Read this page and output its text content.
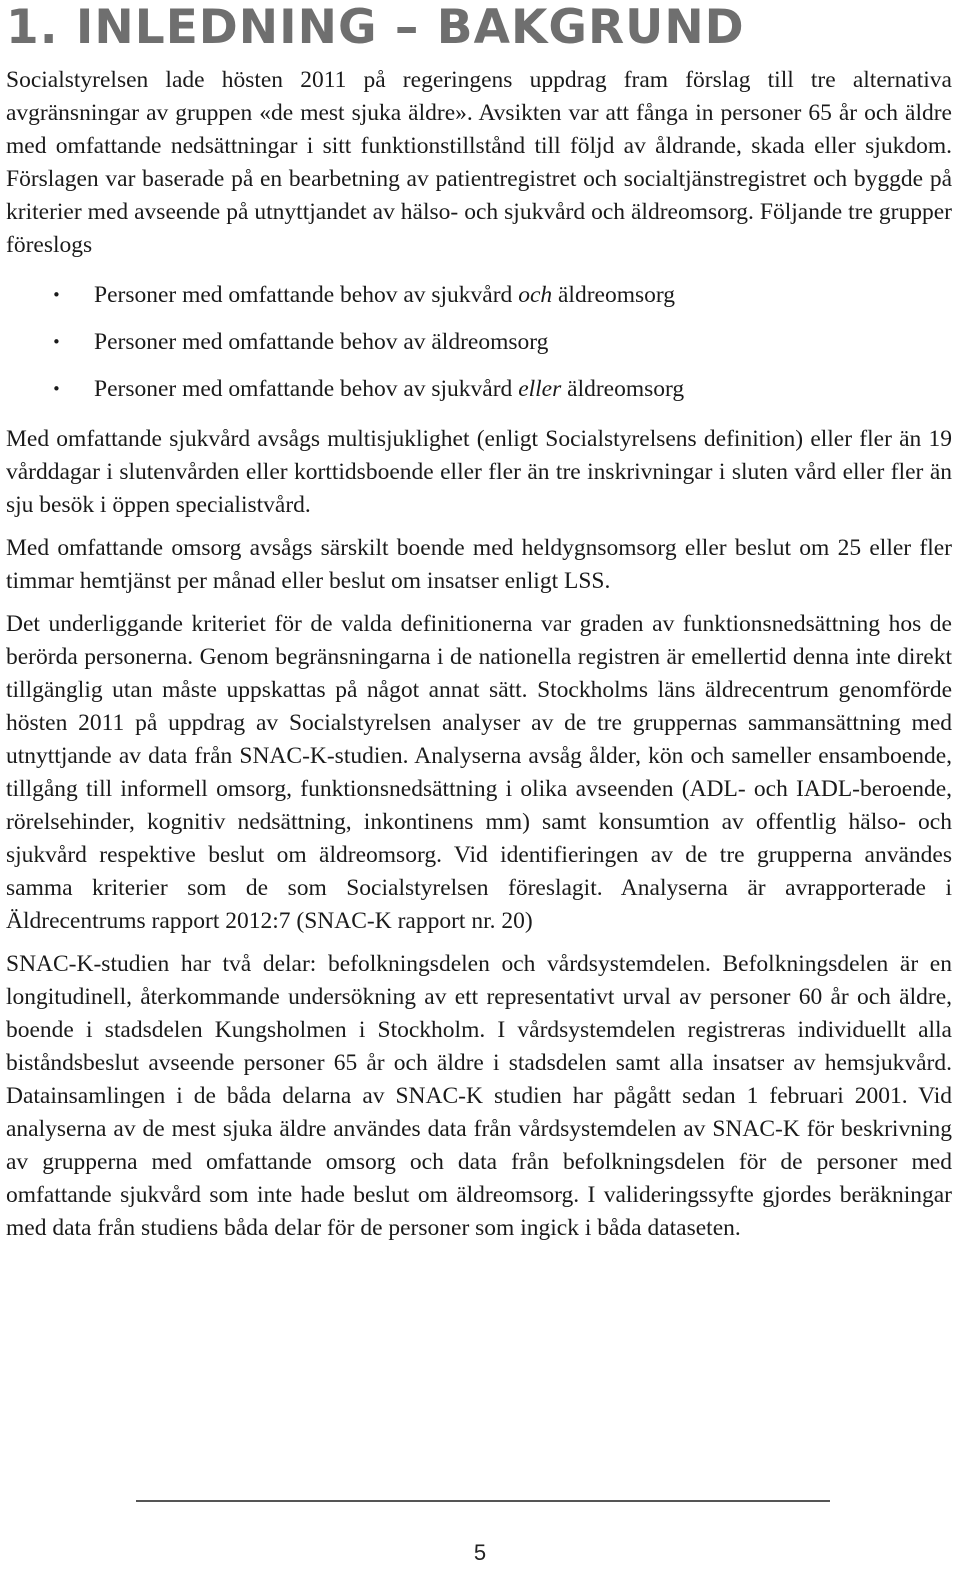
1. INLEDNING – BAKGRUND

Socialstyrelsen lade hösten 2011 på regeringens uppdrag fram förslag till tre alternativa avgränsningar av gruppen «de mest sjuka äldre». Avsikten var att fånga in personer 65 år och äldre med omfattande nedsättningar i sitt funktionstillstånd till följd av åldrande, skada eller sjukdom. Förslagen var baserade på en bearbetning av patientregistret och socialtjänstregistret och byggde på kriterier med avseende på utnyttjandet av hälso- och sjukvård och äldreomsorg. Följande tre grupper föreslogs

• Personer med omfattande behov av sjukvård och äldreomsorg
• Personer med omfattande behov av äldreomsorg
• Personer med omfattande behov av sjukvård eller äldreomsorg

Med omfattande sjukvård avsågs multisjuklighet (enligt Socialstyrelsens definition) eller fler än 19 vårddagar i slutenvården eller korttidsboende eller fler än tre inskrivningar i sluten vård eller fler än sju besök i öppen specialistvård.

Med omfattande omsorg avsågs särskilt boende med heldygnsomsorg eller beslut om 25 eller fler timmar hemtjänst per månad eller beslut om insatser enligt LSS.

Det underliggande kriteriet för de valda definitionerna var graden av funktionsnedsättning hos de berörda personerna. Genom begränsningarna i de nationella registren är emellertid denna inte direkt tillgänglig utan måste uppskattas på något annat sätt. Stockholms läns äldrecentrum genomförde hösten 2011 på uppdrag av Socialstyrelsen analyser av de tre gruppernas sammansättning med utnyttjande av data från SNAC-K-studien. Analyserna avsåg ålder, kön och sameller ensamboende, tillgång till informell omsorg, funktionsnedsättning i olika avseenden (ADL- och IADL-beroende, rörelsehinder, kognitiv nedsättning, inkontinens mm) samt konsumtion av offentlig hälso- och sjukvård respektive beslut om äldreomsorg. Vid identifieringen av de tre grupperna användes samma kriterier som de som Socialstyrelsen föreslagit. Analyserna är avrapporterade i Äldrecentrums rapport 2012:7 (SNAC-K rapport nr. 20)

SNAC-K-studien har två delar: befolkningsdelen och vårdsystemdelen. Befolkningsdelen är en longitudinell, återkommande undersökning av ett representativt urval av personer 60 år och äldre, boende i stadsdelen Kungsholmen i Stockholm. I vårdsystemdelen registreras individuellt alla biståndsbeslut avseende personer 65 år och äldre i stadsdelen samt alla insatser av hemsjukvård. Datainsamlingen i de båda delarna av SNAC-K studien har pågått sedan 1 februari 2001. Vid analyserna av de mest sjuka äldre användes data från vårdsystemdelen av SNAC-K för beskrivning av grupperna med omfattande omsorg och data från befolkningsdelen för de personer med omfattande sjukvård som inte hade beslut om äldreomsorg. I valideringssyfte gjordes beräkningar med data från studiens båda delar för de personer som ingick i båda dataseten.

5
